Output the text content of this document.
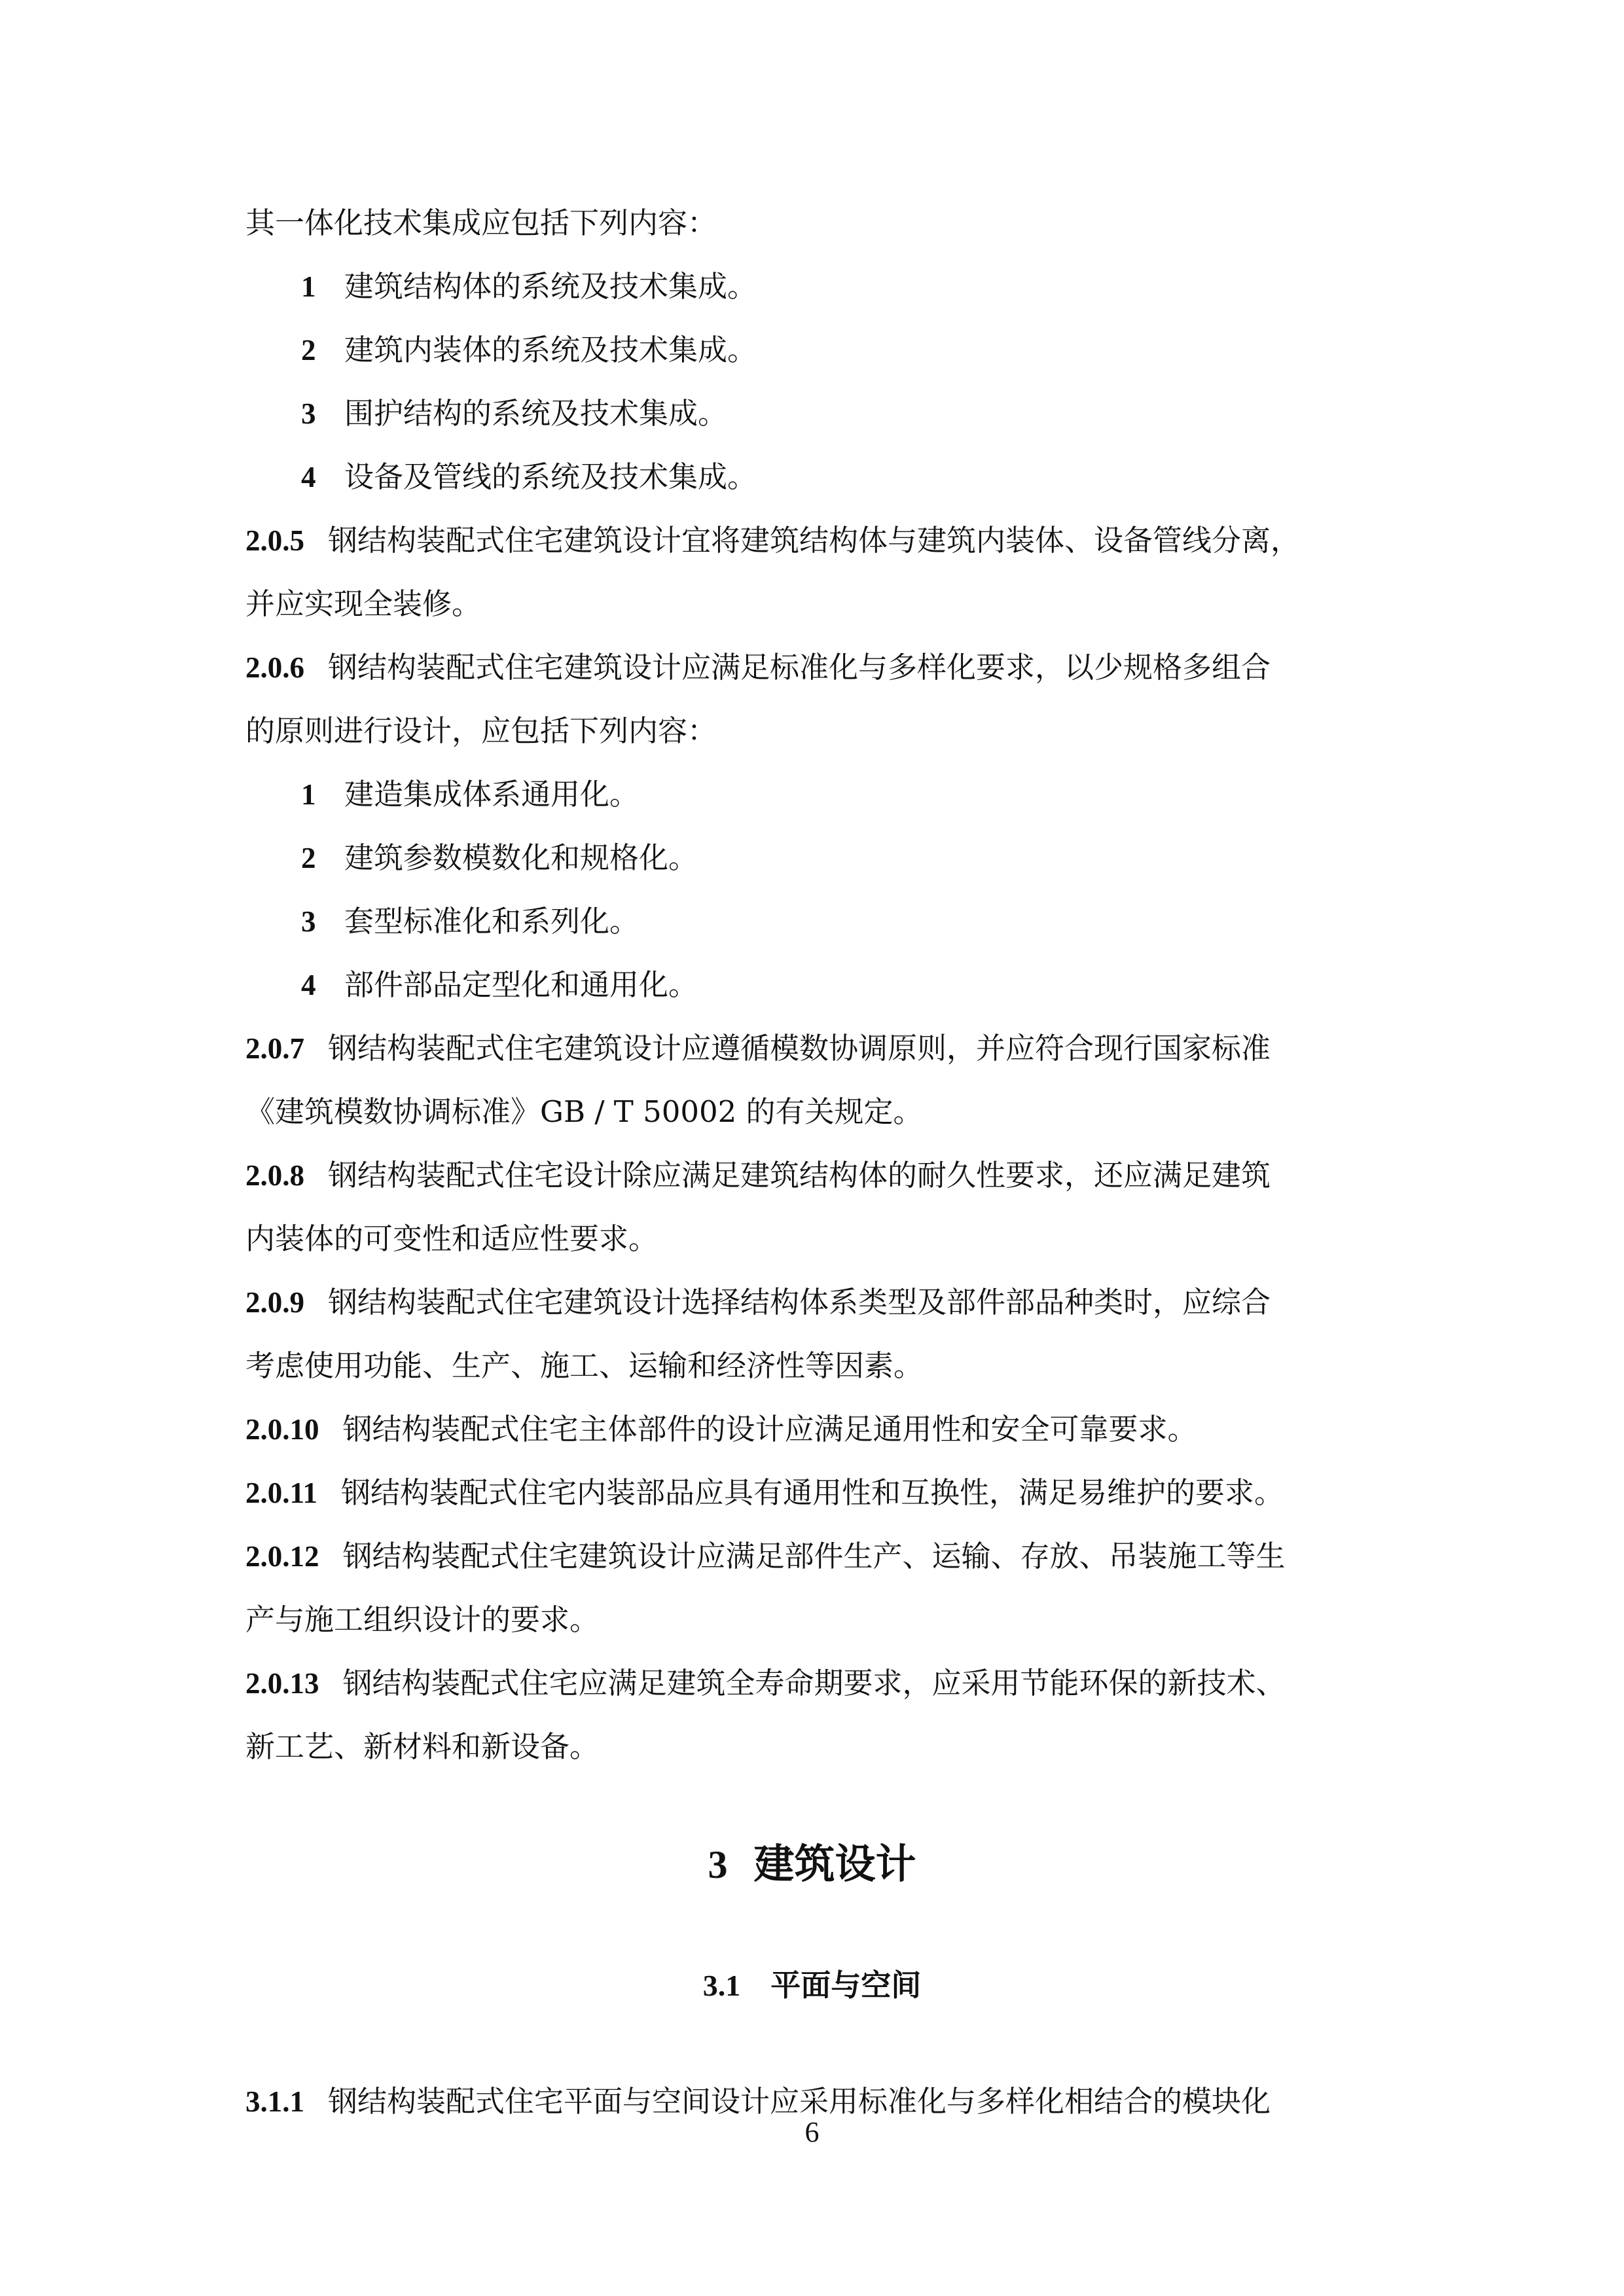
其一体化技术集成应包括下列内容：
1 建筑结构体的系统及技术集成。
2 建筑内装体的系统及技术集成。
3 围护结构的系统及技术集成。
4 设备及管线的系统及技术集成。
2.0.5 钢结构装配式住宅建筑设计宜将建筑结构体与建筑内装体、设备管线分离，
并应实现全装修。
2.0.6 钢结构装配式住宅建筑设计应满足标准化与多样化要求，以少规格多组合
的原则进行设计，应包括下列内容：
1 建造集成体系通用化。
2 建筑参数模数化和规格化。
3 套型标准化和系列化。
4 部件部品定型化和通用化。
2.0.7 钢结构装配式住宅建筑设计应遵循模数协调原则，并应符合现行国家标准
《建筑模数协调标准》GB / T 50002 的有关规定。
2.0.8 钢结构装配式住宅设计除应满足建筑结构体的耐久性要求，还应满足建筑
内装体的可变性和适应性要求。
2.0.9 钢结构装配式住宅建筑设计选择结构体系类型及部件部品种类时，应综合
考虑使用功能、生产、施工、运输和经济性等因素。
2.0.10 钢结构装配式住宅主体部件的设计应满足通用性和安全可靠要求。
2.0.11 钢结构装配式住宅内装部品应具有通用性和互换性，满足易维护的要求。
2.0.12 钢结构装配式住宅建筑设计应满足部件生产、运输、存放、吊装施工等生
产与施工组织设计的要求。
2.0.13 钢结构装配式住宅应满足建筑全寿命期要求，应采用节能环保的新技术、
新工艺、新材料和新设备。
3 建筑设计
3.1 平面与空间
3.1.1 钢结构装配式住宅平面与空间设计应采用标准化与多样化相结合的模块化
6
